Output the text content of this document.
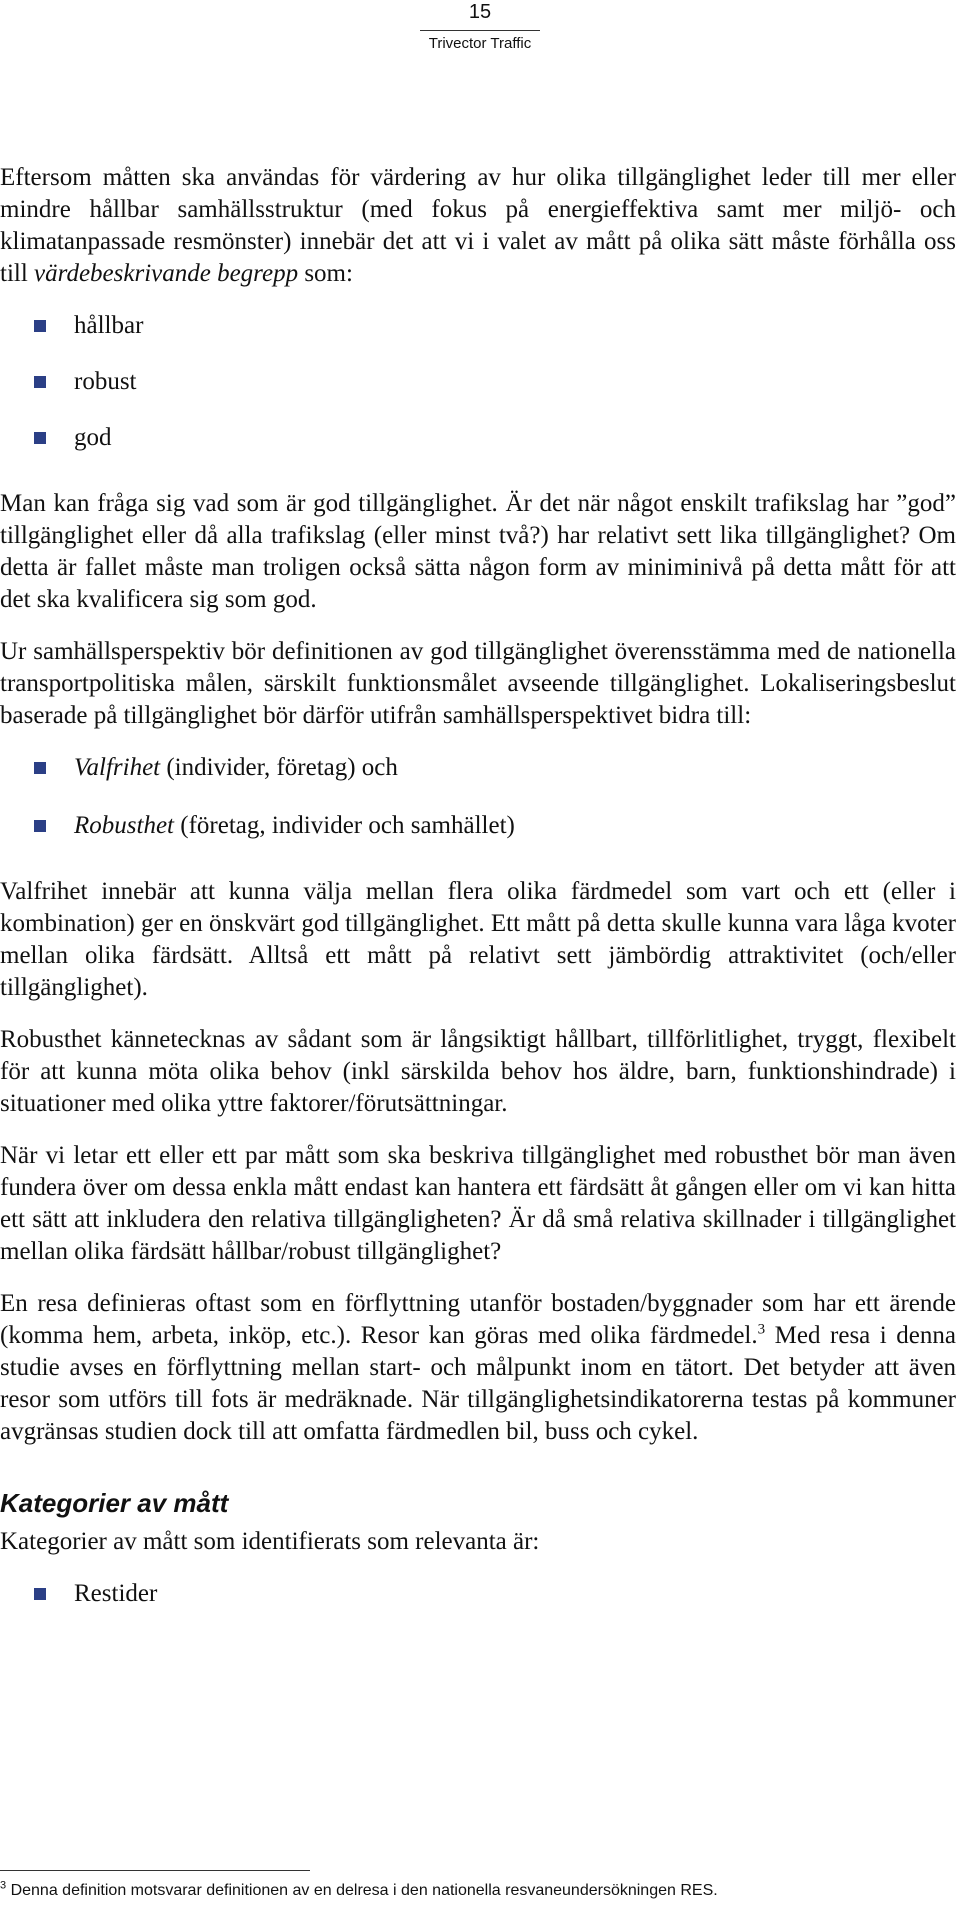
15
Trivector Traffic

Eftersom måtten ska användas för värdering av hur olika tillgänglighet leder till mer eller mindre hållbar samhällsstruktur (med fokus på energieffektiva samt mer miljö- och klimatanpassade resmönster) innebär det att vi i valet av mått på olika sätt måste förhålla oss till värdebeskrivande begrepp som:

hållbar
robust
god

Man kan fråga sig vad som är god tillgänglighet. Är det när något enskilt trafikslag har ”god” tillgänglighet eller då alla trafikslag (eller minst två?) har relativt sett lika tillgänglighet? Om detta är fallet måste man troligen också sätta någon form av miniminivå på detta mått för att det ska kvalificera sig som god.

Ur samhällsperspektiv bör definitionen av god tillgänglighet överensstämma med de nationella transportpolitiska målen, särskilt funktionsmålet avseende tillgänglighet. Lokaliseringsbeslut baserade på tillgänglighet bör därför utifrån samhällsperspektivet bidra till:

Valfrihet (individer, företag) och
Robusthet (företag, individer och samhället)

Valfrihet innebär att kunna välja mellan flera olika färdmedel som vart och ett (eller i kombination) ger en önskvärt god tillgänglighet. Ett mått på detta skulle kunna vara låga kvoter mellan olika färdsätt. Alltså ett mått på relativt sett jämbördig attraktivitet (och/eller tillgänglighet).

Robusthet kännetecknas av sådant som är långsiktigt hållbart, tillförlitlighet, tryggt, flexibelt för att kunna möta olika behov (inkl särskilda behov hos äldre, barn, funktionshindrade) i situationer med olika yttre faktorer/förutsättningar.

När vi letar ett eller ett par mått som ska beskriva tillgänglighet med robusthet bör man även fundera över om dessa enkla mått endast kan hantera ett färdsätt åt gången eller om vi kan hitta ett sätt att inkludera den relativa tillgängligheten? Är då små relativa skillnader i tillgänglighet mellan olika färdsätt hållbar/robust tillgänglighet?

En resa definieras oftast som en förflyttning utanför bostaden/byggnader som har ett ärende (komma hem, arbeta, inköp, etc.). Resor kan göras med olika färdmedel.$^3$ Med resa i denna studie avses en förflyttning mellan start- och målpunkt inom en tätort. Det betyder att även resor som utförs till fots är medräknade. När tillgänglighetsindikatorerna testas på kommuner avgränsas studien dock till att omfatta färdmedlen bil, buss och cykel.

Kategorier av mått

Kategorier av mått som identifierats som relevanta är:

Restider
$^3$ Denna definition motsvarar definitionen av en delresa i den nationella resvaneundersökningen RES.
